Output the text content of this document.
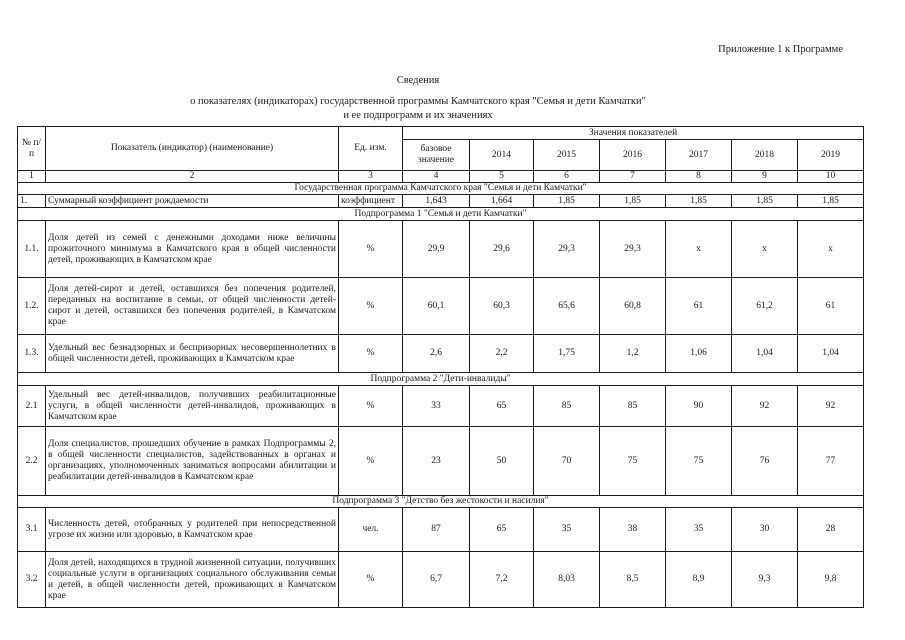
Приложение 1 к Программе
Сведения
о показателях (индикаторах) государственной программы Камчатского края "Семья и дети Камчатки"
и ее подпрограмм и их значениях
№ п/п	Показатель (индикатор) (наименование)	Ед. изм.	Значения показателей						
			базовое значение	2014	2015	2016	2017	2018	2019
1	2	3	4	5	6	7	8	9	10
Государственная программа Камчатского края "Семья и дети Камчатки"									
1.	Суммарный коэффициент рождаемости	коэффициент	1,643	1,664	1,85	1,85	1,85	1,85	1,85
Подпрограмма 1 "Семья и дети Камчатки"									
1.1.	Доля детей из семей с денежными доходами ниже величины прожиточного минимума в Камчатского края в общей численности детей, проживающих в Камчатском крае	%	29,9	29,6	29,3	29,3	х	х	х
1.2.	Доля детей-сирот и детей, оставшихся без попечения родителей, переданных на воспитание в семьи, от общей численности детей-сирот и детей, оставшихся без попечения родителей, в Камчатском крае	%	60,1	60,3	65,6	60,8	61	61,2	61
1.3.	Удельный вес безнадзорных и беспризорных несовершеннолетних в общей численности детей, проживающих в Камчатском крае	%	2,6	2,2	1,75	1,2	1,06	1,04	1,04
Подпрограмма 2 "Дети-инвалиды"									
2.1	Удельный вес детей-инвалидов, получивших реабилитационные услуги, в общей численности детей-инвалидов, проживающих в Камчатском крае	%	33	65	85	85	90	92	92
2.2	Доля специалистов, прошедших обучение в рамках Подпрограммы 2, в общей численности специалистов, задействованных в органах и организациях, уполномоченных заниматься вопросами абилитации и реабилитации детей-инвалидов в Камчатском крае	%	23	50	70	75	75	76	77
Подпрограмма 3 "Детство без жестокости и насилия"									
3.1	Численность детей, отобранных у родителей при непосредственной угрозе их жизни или здоровью, в Камчатском крае	чел.	87	65	35	38	35	30	28
3.2	Доля детей, находящихся в трудной жизненной ситуации, получивших социальные услуги в организациях социального обслуживания семьи и детей, в общей численности детей, проживающих в Камчатском крае	%	6,7	7,2	8,03	8,5	8,9	9,3	9,8
